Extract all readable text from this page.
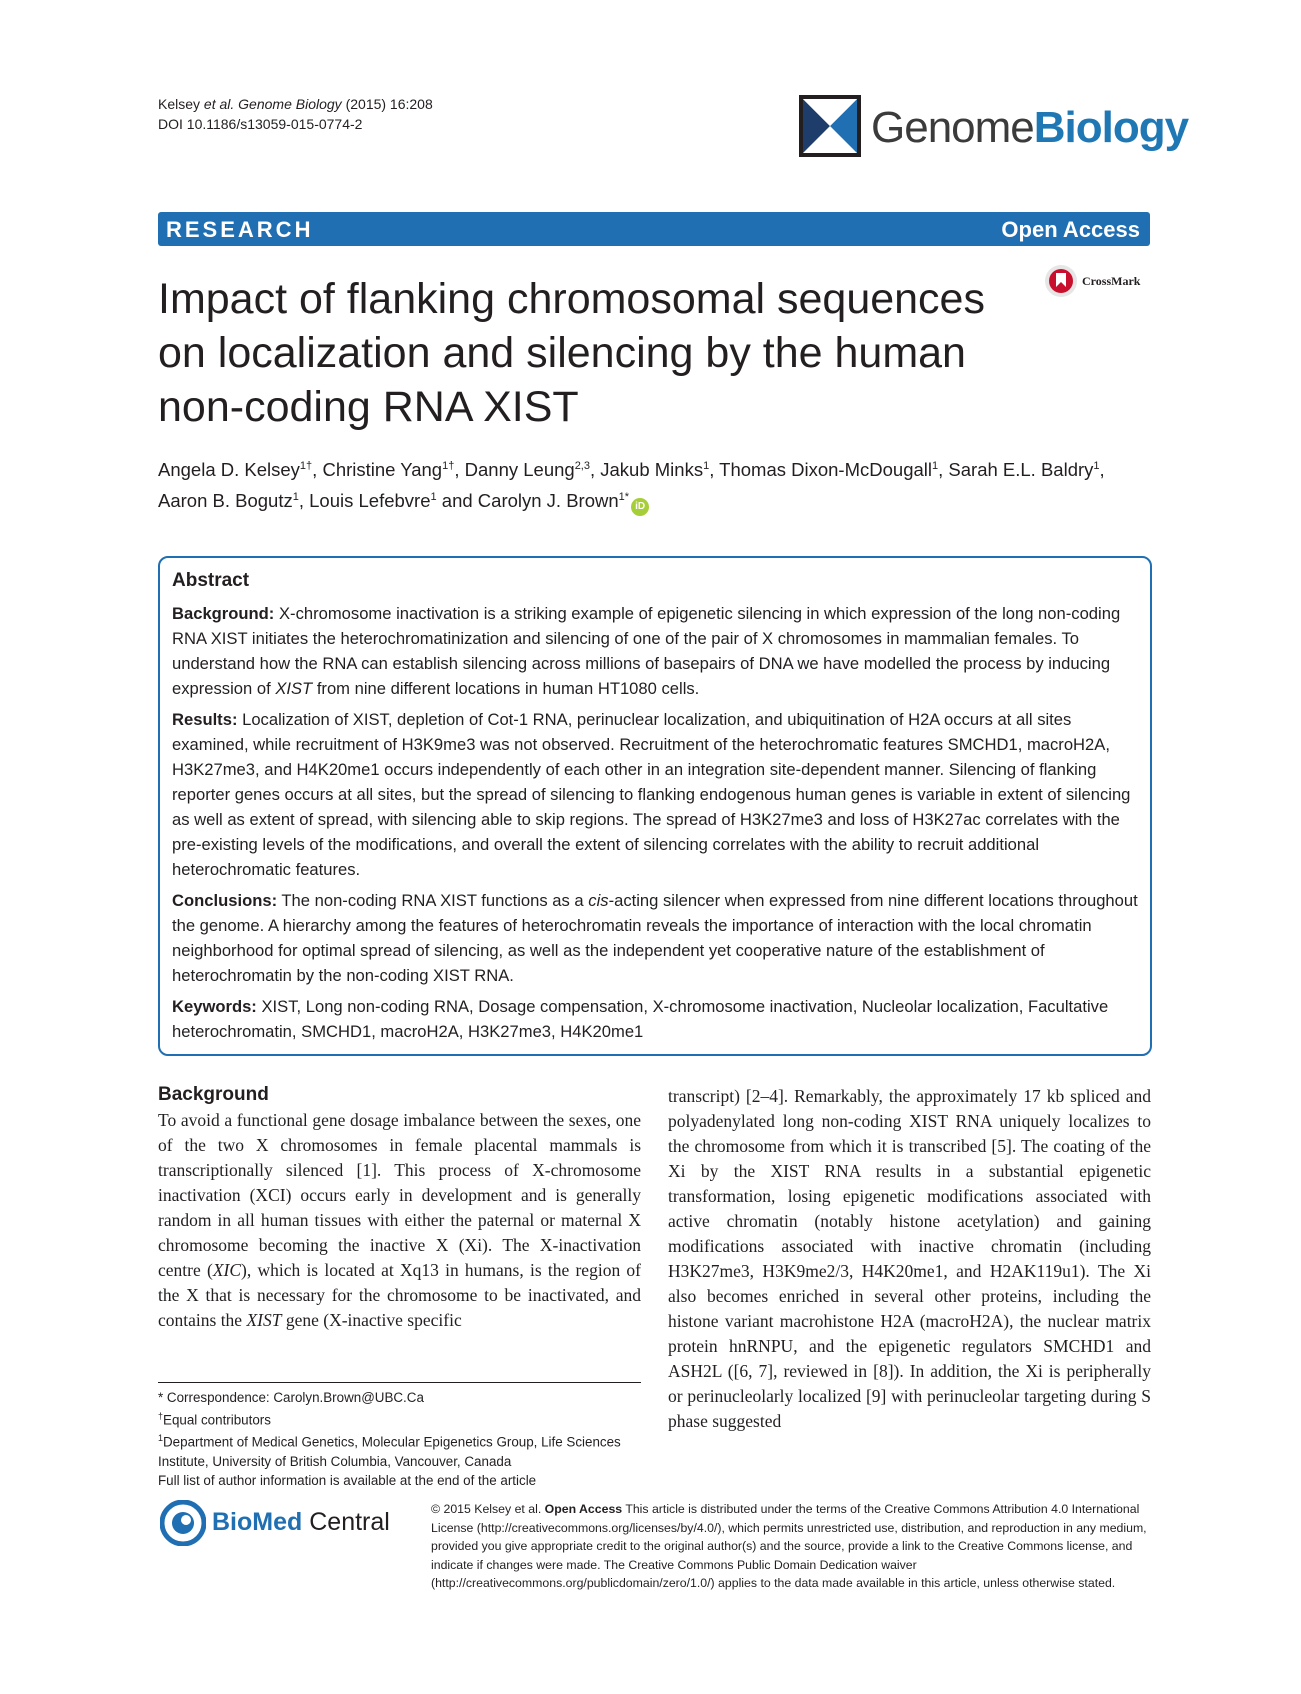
Kelsey et al. Genome Biology (2015) 16:208
DOI 10.1186/s13059-015-0774-2	GenomeBiology
RESEARCH	Open Access
Impact of flanking chromosomal sequences on localization and silencing by the human non-coding RNA XIST
CrossMark
Angela D. Kelsey$^{1\dagger}$, Christine Yang$^{1\dagger}$, Danny Leung$^{2,3}$, Jakub Minks$^1$, Thomas Dixon-McDougall$^1$, Sarah E.L. Baldry$^1$,
Aaron B. Bogutz$^1$, Louis Lefebvre$^1$ and Carolyn J. Brown$^{1*}$iD
Abstract

Background: X-chromosome inactivation is a striking example of epigenetic silencing in which expression of the long non-coding RNA XIST initiates the heterochromatinization and silencing of one of the pair of X chromosomes in mammalian females. To understand how the RNA can establish silencing across millions of basepairs of DNA we have modelled the process by inducing expression of XIST from nine different locations in human HT1080 cells.

Results: Localization of XIST, depletion of Cot-1 RNA, perinuclear localization, and ubiquitination of H2A occurs at all sites examined, while recruitment of H3K9me3 was not observed. Recruitment of the heterochromatic features SMCHD1, macroH2A, H3K27me3, and H4K20me1 occurs independently of each other in an integration site-dependent manner. Silencing of flanking reporter genes occurs at all sites, but the spread of silencing to flanking endogenous human genes is variable in extent of silencing as well as extent of spread, with silencing able to skip regions. The spread of H3K27me3 and loss of H3K27ac correlates with the pre-existing levels of the modifications, and overall the extent of silencing correlates with the ability to recruit additional heterochromatic features.

Conclusions: The non-coding RNA XIST functions as a cis-acting silencer when expressed from nine different locations throughout the genome. A hierarchy among the features of heterochromatin reveals the importance of interaction with the local chromatin neighborhood for optimal spread of silencing, as well as the independent yet cooperative nature of the establishment of heterochromatin by the non-coding XIST RNA.

Keywords: XIST, Long non-coding RNA, Dosage compensation, X-chromosome inactivation, Nucleolar localization, Facultative heterochromatin, SMCHD1, macroH2A, H3K27me3, H4K20me1

Background

To avoid a functional gene dosage imbalance between the sexes, one of the two X chromosomes in female placental mammals is transcriptionally silenced [1]. This process of X-chromosome inactivation (XCI) occurs early in development and is generally random in all human tissues with either the paternal or maternal X chromosome becoming the inactive X (Xi). The X-inactivation centre (XIC), which is located at Xq13 in humans, is the region of the X that is necessary for the chromosome to be inactivated, and contains the XIST gene (X-inactive specific

transcript) [2–4]. Remarkably, the approximately 17 kb spliced and polyadenylated long non-coding XIST RNA uniquely localizes to the chromosome from which it is transcribed [5]. The coating of the Xi by the XIST RNA results in a substantial epigenetic transformation, losing epigenetic modifications associated with active chromatin (notably histone acetylation) and gaining modifications associated with inactive chromatin (including H3K27me3, H3K9me2/3, H4K20me1, and H2AK119u1). The Xi also becomes enriched in several other proteins, including the histone variant macrohistone H2A (macroH2A), the nuclear matrix protein hnRNPU, and the epigenetic regulators SMCHD1 and ASH2L ([6, 7], reviewed in [8]). In addition, the Xi is peripherally or perinucleolarly localized [9] with perinucleolar targeting during S phase suggested

* Correspondence: Carolyn.Brown@UBC.Ca

†Equal contributors

$^1$Department of Medical Genetics, Molecular Epigenetics Group, Life Sciences Institute, University of British Columbia, Vancouver, Canada

Full list of author information is available at the end of the article

BioMed Central	© 2015 Kelsey et al. Open Access This article is distributed under the terms of the Creative Commons Attribution 4.0 International License (http://creativecommons.org/licenses/by/4.0/), which permits unrestricted use, distribution, and reproduction in any medium, provided you give appropriate credit to the original author(s) and the source, provide a link to the Creative Commons license, and indicate if changes were made. The Creative Commons Public Domain Dedication waiver (http://creativecommons.org/publicdomain/zero/1.0/) applies to the data made available in this article, unless otherwise stated.
